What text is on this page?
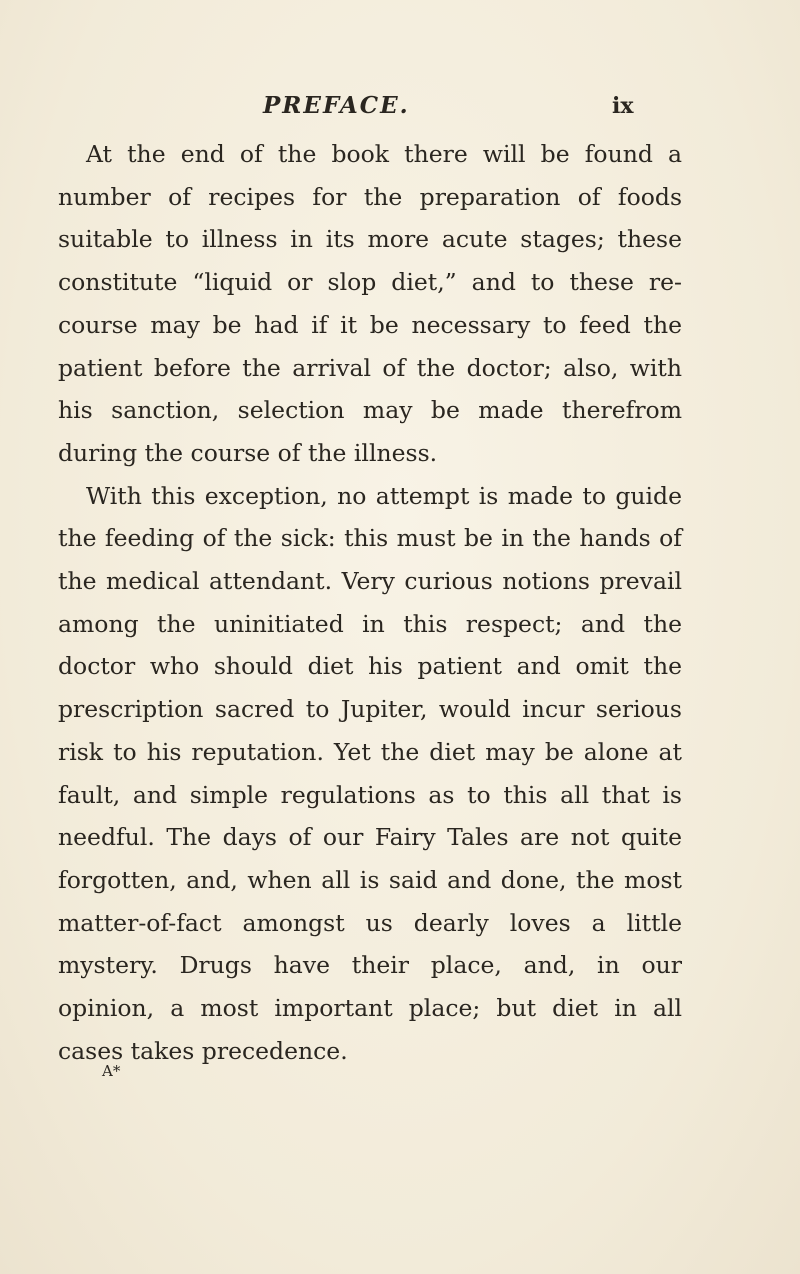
PREFACE.	ix

At the end of the book there will be found a number of recipes for the preparation of foods suitable to illness in its more acute stages; these constitute “liquid or slop diet,” and to these recourse may be had if it be necessary to feed the patient before the arrival of the doctor; also, with his sanction, selection may be made therefrom during the course of the illness.

With this exception, no attempt is made to guide the feeding of the sick: this must be in the hands of the medical attendant. Very curious notions prevail among the uninitiated in this respect; and the doctor who should diet his patient and omit the prescription sacred to Jupiter, would incur serious risk to his reputation. Yet the diet may be alone at fault, and simple regulations as to this all that is needful. The days of our Fairy Tales are not quite forgotten, and, when all is said and done, the most matter-of-fact amongst us dearly loves a little mystery. Drugs have their place, and, in our opinion, a most important place; but diet in all cases takes precedence.

A*
